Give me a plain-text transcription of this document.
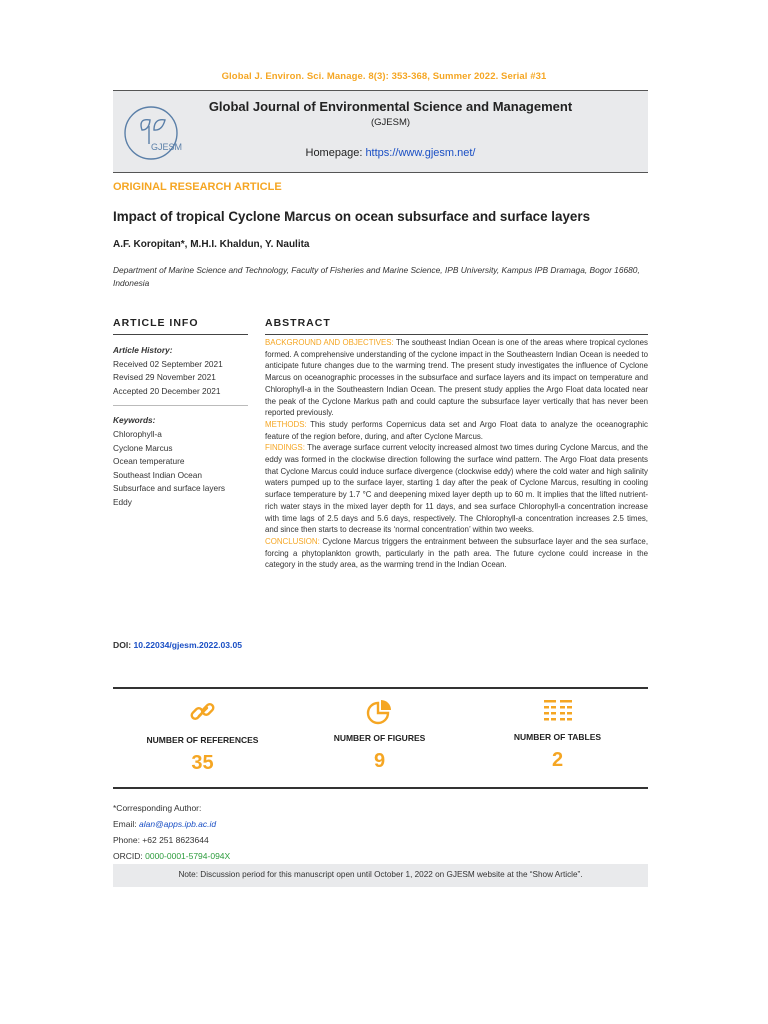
Global J. Environ. Sci. Manage. 8(3): 353-368, Summer 2022. Serial #31
GJESM
Global Journal of Environmental Science and Management
(GJESM)
Homepage: https://www.gjesm.net/
ORIGINAL RESEARCH ARTICLE
Impact of tropical Cyclone Marcus on ocean subsurface and surface layers
A.F. Koropitan*, M.H.I. Khaldun, Y. Naulita
Department of Marine Science and Technology, Faculty of Fisheries and Marine Science, IPB University, Kampus IPB Dramaga, Bogor 16680, Indonesia
ARTICLE INFO	ABSTRACT

Article History:

Received 02 September 2021

Revised 29 November 2021

Accepted 20 December 2021

Keywords:

Chlorophyll-a

Cyclone Marcus

Ocean temperature

Southeast Indian Ocean

Subsurface and surface layers

Eddy

BACKGROUND AND OBJECTIVES: The southeast Indian Ocean is one of the areas where tropical cyclones formed. A comprehensive understanding of the cyclone impact in the Southeastern Indian Ocean is needed to anticipate future changes due to the warming trend. The present study investigates the influence of Cyclone Marcus on oceanographic processes in the subsurface and surface layers and its impact on temperature and Chlorophyll-a in the Southeastern Indian Ocean. The present study applies the Argo Float data located near the peak of the Cyclone Markus path and could capture the subsurface layer vertically that has never been reported previously.

METHODS: This study performs Copernicus data set and Argo Float data to analyze the oceanographic feature of the region before, during, and after Cyclone Marcus.

FINDINGS: The average surface current velocity increased almost two times during Cyclone Marcus, and the eddy was formed in the clockwise direction following the surface wind pattern. The Argo Float data presents that Cyclone Marcus could induce surface divergence (clockwise eddy) where the cold water and high salinity waters pumped up to the surface layer, starting 1 day after the peak of Cyclone Marcus, resulting in cooling surface temperature by 1.7 °C and deepening mixed layer depth up to 60 m. It implies that the lifted nutrient-rich water stays in the mixed layer depth for 11 days, and sea surface Chlorophyll-a concentration increase with time lags of 2.5 days and 5.6 days, respectively. The Chlorophyll-a concentration increases 2.5 times, and since then starts to decrease its ‘normal concentration’ within two weeks.

CONCLUSION: Cyclone Marcus triggers the entrainment between the subsurface layer and the sea surface, forcing a phytoplankton growth, particularly in the path area. The future cyclone could increase in the category in the study area, as the warming trend in the Indian Ocean.

DOI: 10.22034/gjesm.2022.03.05
NUMBER OF REFERENCES
35
NUMBER OF FIGURES
9
NUMBER OF TABLES
2
*Corresponding Author:
Email: alan@apps.ipb.ac.id
Phone: +62 251 8623644
ORCID: 0000-0001-5794-094X
Note: Discussion period for this manuscript open until October 1, 2022 on GJESM website at the “Show Article”.
